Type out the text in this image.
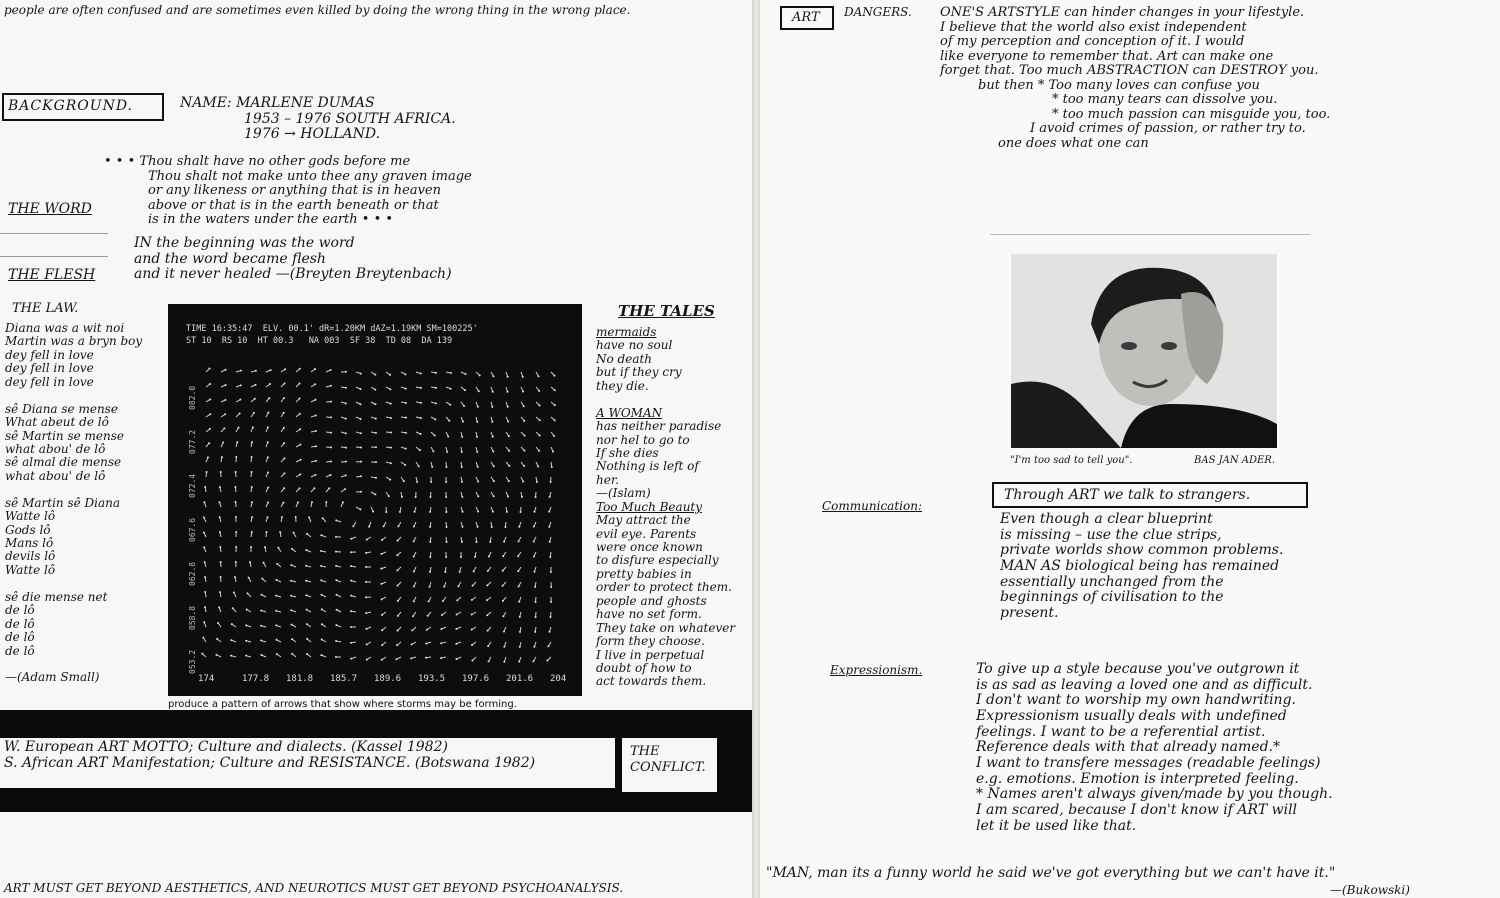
people are often confused and are sometimes even killed by doing the wrong thing in the wrong place.
BACKGROUND.	NAME: MARLENE DUMAS
1953 – 1976 SOUTH AFRICA.
1976 → HOLLAND.
• • • Thou shalt have no other gods before me
Thou shalt not make unto thee any graven image
or any likeness or anything that is in heaven
above or that is in the earth beneath or that
is in the waters under the earth • • •
THE WORD
THE FLESH
IN the beginning was the word
and the word became flesh
and it never healed —(Breyten Breytenbach)
THE LAW.
Diana was a wit noi
Martin was a bryn boy
dey fell in love
dey fell in love
dey fell in love

sê Diana se mense
What abeut de lô
sê Martin se mense
what abou' de lô
sê almal die mense
what abou' de lô

sê Martin sê Diana
Watte lô
Gods lô
Mans lô
devils lô
Watte lô

sê die mense net
de lô
de lô
de lô
de lô

—(Adam Small)
TIME 16:35:47  ELV. 00.1' dR=1.20KM dAZ=1.19KM SM=100225'
ST 10  RS 10  HT 00.3   NA 003  SF 38  TD 08  DA 139
053.2
058.8
062.8
067.6
072.4
077.2
082.0
174	177.8 181.8 185.7 189.6 193.5 197.6 201.6 204
produce a pattern of arrows that show where storms may be forming.
THE TALES
mermaids
have no soul
No death
but if they cry
they die.

A WOMAN
has neither paradise
nor hel to go to
If she dies
Nothing is left of
her.
—(Islam)
Too Much Beauty
May attract the
evil eye. Parents
were once known
to disfure especially
pretty babies in
order to protect them.
people and ghosts
have no set form.
They take on whatever
form they choose.
I live in perpetual
doubt of how to
act towards them.
W. European ART MOTTO; Culture and dialects. (Kassel 1982)
S. African ART Manifestation; Culture and RESISTANCE. (Botswana 1982)
THE CONFLICT.
ART MUST GET BEYOND AESTHETICS, AND NEUROTICS MUST GET BEYOND PSYCHOANALYSIS.
ART DANGERS. ONE'S ARTSTYLE can hinder changes in your lifestyle.
I believe that the world also exist independent
of my perception and conception of it. I would
like everyone to remember that. Art can make one
forget that. Too much ABSTRACTION can DESTROY you.
but then * Too many loves can confuse you
* too many tears can dissolve you.
* too much passion can misguide you, too.
I avoid crimes of passion, or rather try to.
one does what one can
"I'm too sad to tell you".	BAS JAN ADER.
Communication:
Through ART we talk to strangers.
Even though a clear blueprint
is missing – use the clue strips,
private worlds show common problems.
MAN AS biological being has remained
essentially unchanged from the
beginnings of civilisation to the
present.
Expressionism.	To give up a style because you've outgrown it
is as sad as leaving a loved one and as difficult.
I don't want to worship my own handwriting.
Expressionism usually deals with undefined
feelings. I want to be a referential artist.
Reference deals with that already named.*
I want to transfere messages (readable feelings)
e.g. emotions. Emotion is interpreted feeling.
* Names aren't always given/made by you though.
I am scared, because I don't know if ART will
let it be used like that.
"MAN, man its a funny world he said we've got everything but we can't have it."
—(Bukowski)
